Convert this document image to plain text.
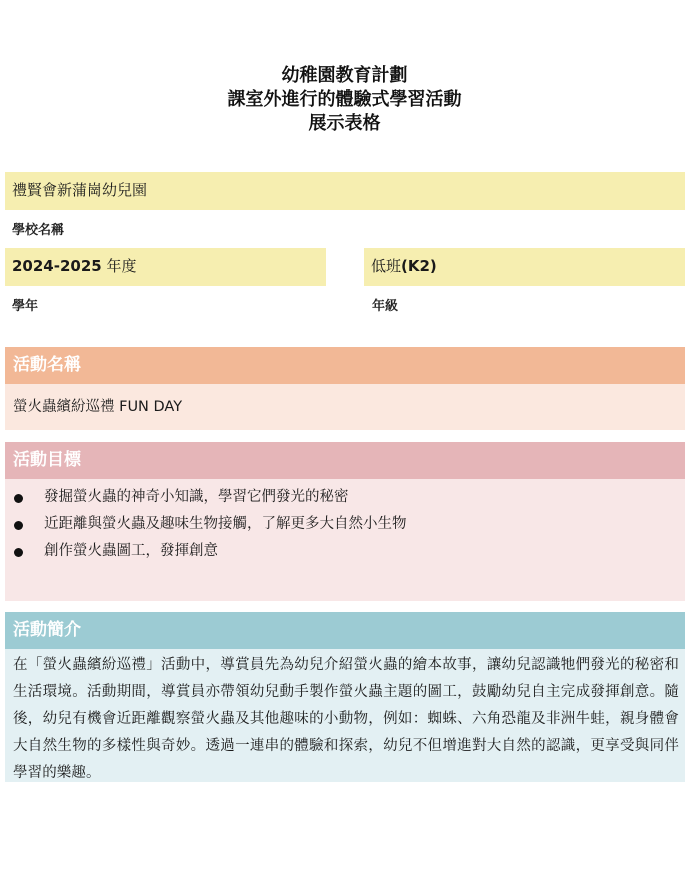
幼稚園教育計劃
課室外進行的體驗式學習活動
展示表格
禮賢會新蒲崗幼兒園
學校名稱
2024-2025 年度
學年
低班(K2)
年級
活動名稱
螢火蟲繽紛巡禮 FUN DAY
活動目標
發掘螢火蟲的神奇小知識，學習它們發光的秘密
近距離與螢火蟲及趣味生物接觸，了解更多大自然小生物
創作螢火蟲圖工，發揮創意
活動簡介
在「螢火蟲繽紛巡禮」活動中，導賞員先為幼兒介紹螢火蟲的繪本故事，讓幼兒認識牠們發光的秘密和生活環境。活動期間，導賞員亦帶領幼兒動手製作螢火蟲主題的圖工，鼓勵幼兒自主完成發揮創意。隨後，幼兒有機會近距離觀察螢火蟲及其他趣味的小動物，例如：蜘蛛、六角恐龍及非洲牛蛙，親身體會大自然生物的多樣性與奇妙。透過一連串的體驗和探索，幼兒不但增進對大自然的認識，更享受與同伴學習的樂趣。
